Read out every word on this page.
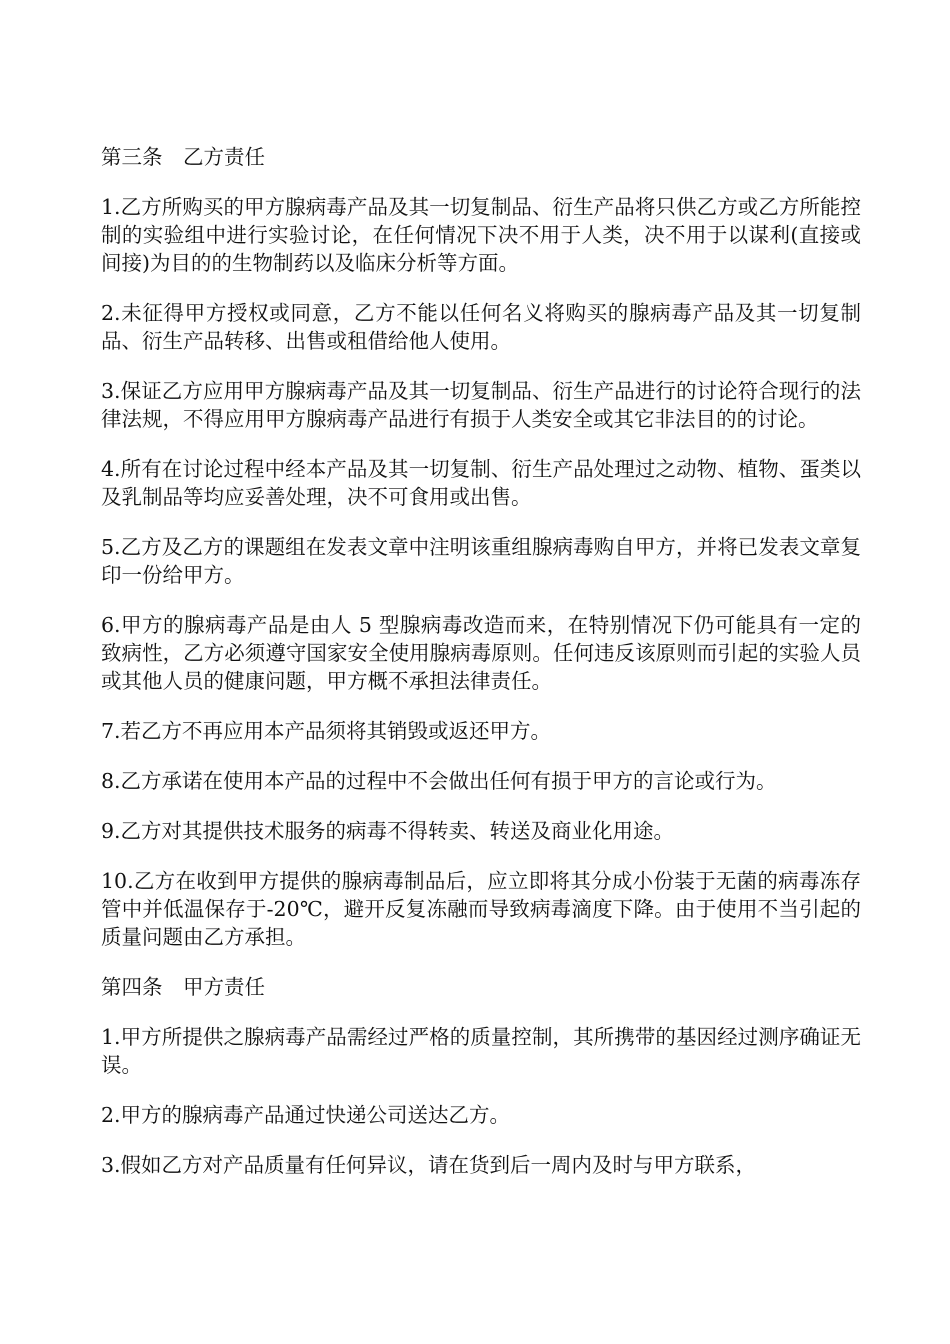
第三条　乙方责任

1.乙方所购买的甲方腺病毒产品及其一切复制品、衍生产品将只供乙方或乙方所能控制的实验组中进行实验讨论，在任何情况下决不用于人类，决不用于以谋利(直接或间接)为目的的生物制药以及临床分析等方面。

2.未征得甲方授权或同意，乙方不能以任何名义将购买的腺病毒产品及其一切复制品、衍生产品转移、出售或租借给他人使用。

3.保证乙方应用甲方腺病毒产品及其一切复制品、衍生产品进行的讨论符合现行的法律法规，不得应用甲方腺病毒产品进行有损于人类安全或其它非法目的的讨论。

4.所有在讨论过程中经本产品及其一切复制、衍生产品处理过之动物、植物、蛋类以及乳制品等均应妥善处理，决不可食用或出售。

5.乙方及乙方的课题组在发表文章中注明该重组腺病毒购自甲方，并将已发表文章复印一份给甲方。

6.甲方的腺病毒产品是由人 5 型腺病毒改造而来，在特别情况下仍可能具有一定的致病性，乙方必须遵守国家安全使用腺病毒原则。任何违反该原则而引起的实验人员或其他人员的健康问题，甲方概不承担法律责任。

7.若乙方不再应用本产品须将其销毁或返还甲方。

8.乙方承诺在使用本产品的过程中不会做出任何有损于甲方的言论或行为。

9.乙方对其提供技术服务的病毒不得转卖、转送及商业化用途。

10.乙方在收到甲方提供的腺病毒制品后，应立即将其分成小份装于无菌的病毒冻存管中并低温保存于-20℃，避开反复冻融而导致病毒滴度下降。由于使用不当引起的质量问题由乙方承担。

第四条　甲方责任

1.甲方所提供之腺病毒产品需经过严格的质量控制，其所携带的基因经过测序确证无误。

2.甲方的腺病毒产品通过快递公司送达乙方。

3.假如乙方对产品质量有任何异议，请在货到后一周内及时与甲方联系，
